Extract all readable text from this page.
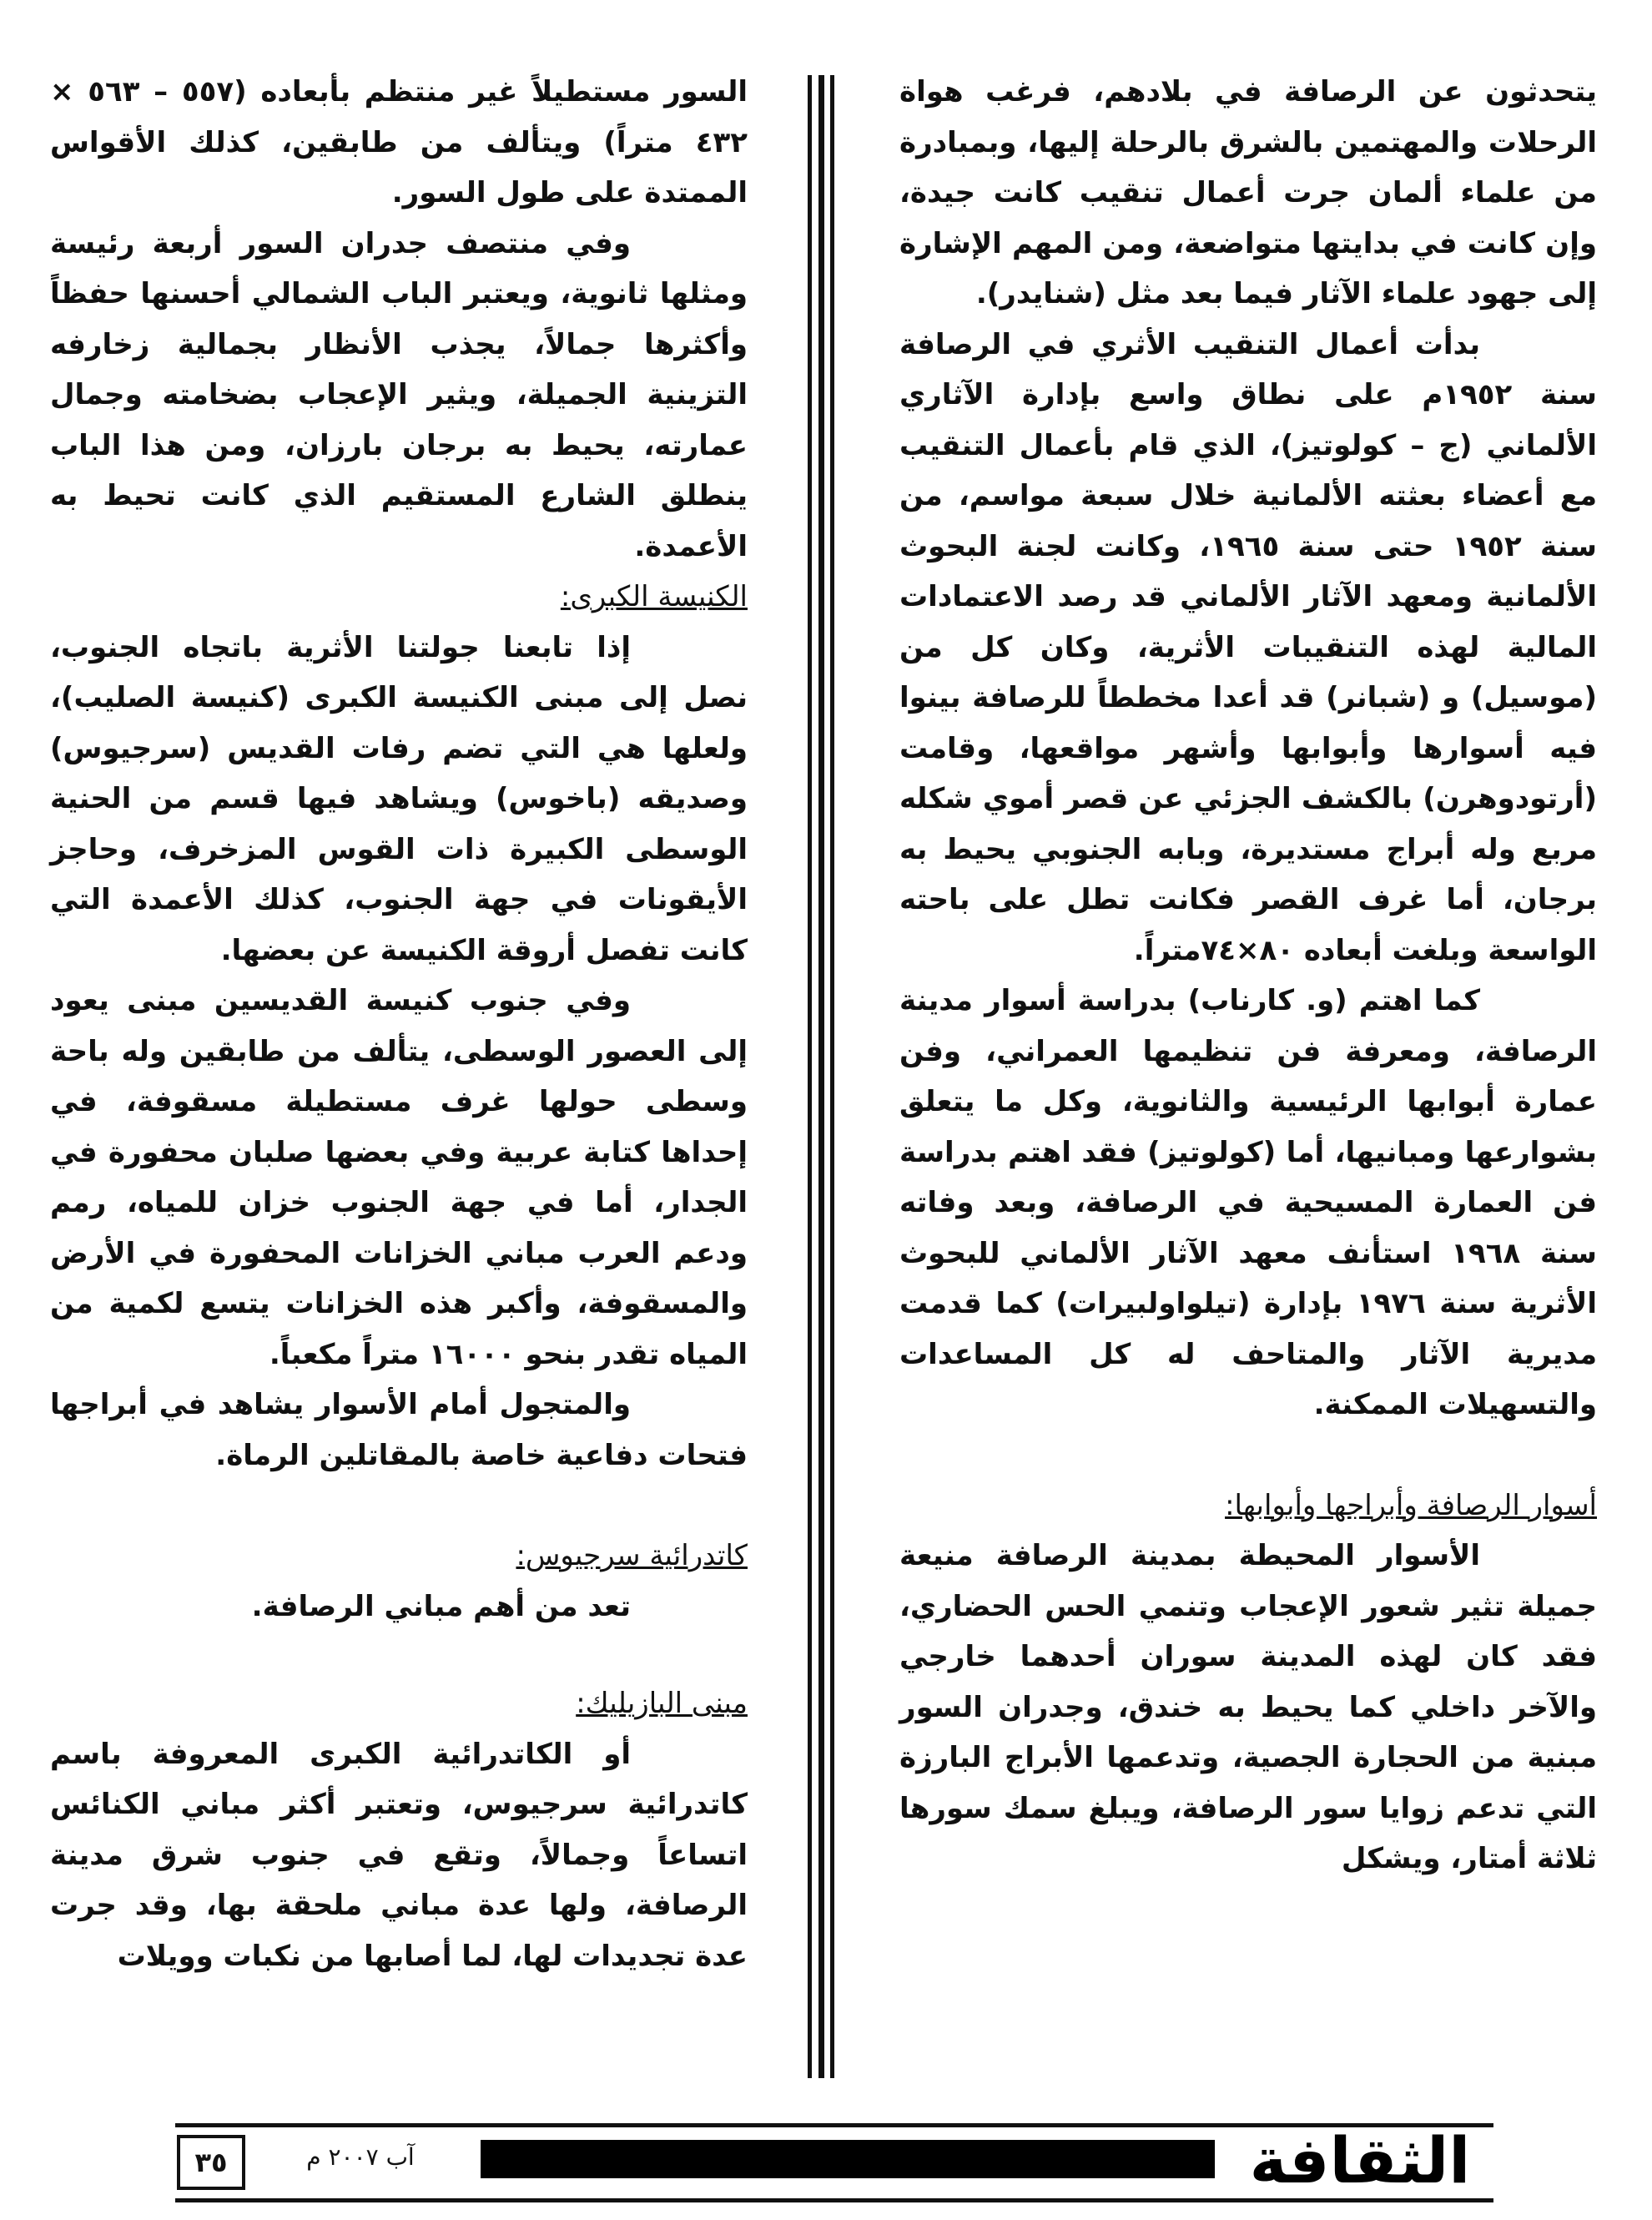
يتحدثون عن الرصافة في بلادهم، فرغب هواة الرحلات والمهتمين بالشرق بالرحلة إليها، وبمبادرة من علماء ألمان جرت أعمال تنقيب كانت جيدة، وإن كانت في بدايتها متواضعة، ومن المهم الإشارة إلى جهود علماء الآثار فيما بعد مثل (شنايدر).

بدأت أعمال التنقيب الأثري في الرصافة سنة ١٩٥٢م على نطاق واسع بإدارة الآثاري الألماني (ج – كولوتيز)، الذي قام بأعمال التنقيب مع أعضاء بعثته الألمانية خلال سبعة مواسم، من سنة ١٩٥٢ حتى سنة ١٩٦٥، وكانت لجنة البحوث الألمانية ومعهد الآثار الألماني قد رصد الاعتمادات المالية لهذه التنقيبات الأثرية، وكان كل من (موسيل) و (شبانر) قد أعدا مخططاً للرصافة بينوا فيه أسوارها وأبوابها وأشهر مواقعها، وقامت (أرتودوهرن) بالكشف الجزئي عن قصر أموي شكله مربع وله أبراج مستديرة، وبابه الجنوبي يحيط به برجان، أما غرف القصر فكانت تطل على باحته الواسعة وبلغت أبعاده ٨٠×٧٤متراً.

كما اهتم (و. كارناب) بدراسة أسوار مدينة الرصافة، ومعرفة فن تنظيمها العمراني، وفن عمارة أبوابها الرئيسية والثانوية، وكل ما يتعلق بشوارعها ومبانيها، أما (كولوتيز) فقد اهتم بدراسة فن العمارة المسيحية في الرصافة، وبعد وفاته سنة ١٩٦٨ استأنف معهد الآثار الألماني للبحوث الأثرية سنة ١٩٧٦ بإدارة (تيلواولبيرات) كما قدمت مديرية الآثار والمتاحف له كل المساعدات والتسهيلات الممكنة.

أسوار الرصافة وأبراجها وأبوابها:

الأسوار المحيطة بمدينة الرصافة منيعة جميلة تثير شعور الإعجاب وتنمي الحس الحضاري، فقد كان لهذه المدينة سوران أحدهما خارجي والآخر داخلي كما يحيط به خندق، وجدران السور مبنية من الحجارة الجصية، وتدعمها الأبراج البارزة التي تدعم زوايا سور الرصافة، ويبلغ سمك سورها ثلاثة أمتار، ويشكل

السور مستطيلاً غير منتظم بأبعاده (٥٥٧ – ٥٦٣ × ٤٣٢ متراً) ويتألف من طابقين، كذلك الأقواس الممتدة على طول السور.

وفي منتصف جدران السور أربعة رئيسة ومثلها ثانوية، ويعتبر الباب الشمالي أحسنها حفظاً وأكثرها جمالاً، يجذب الأنظار بجمالية زخارفه التزينية الجميلة، ويثير الإعجاب بضخامته وجمال عمارته، يحيط به برجان بارزان، ومن هذا الباب ينطلق الشارع المستقيم الذي كانت تحيط به الأعمدة.

الكنيسة الكبرى:

إذا تابعنا جولتنا الأثرية باتجاه الجنوب، نصل إلى مبنى الكنيسة الكبرى (كنيسة الصليب)، ولعلها هي التي تضم رفات القديس (سرجيوس) وصديقه (باخوس) ويشاهد فيها قسم من الحنية الوسطى الكبيرة ذات القوس المزخرف، وحاجز الأيقونات في جهة الجنوب، كذلك الأعمدة التي كانت تفصل أروقة الكنيسة عن بعضها.

وفي جنوب كنيسة القديسين مبنى يعود إلى العصور الوسطى، يتألف من طابقين وله باحة وسطى حولها غرف مستطيلة مسقوفة، في إحداها كتابة عربية وفي بعضها صلبان محفورة في الجدار، أما في جهة الجنوب خزان للمياه، رمم ودعم العرب مباني الخزانات المحفورة في الأرض والمسقوفة، وأكبر هذه الخزانات يتسع لكمية من المياه تقدر بنحو ١٦٠٠٠ متراً مكعباً.

والمتجول أمام الأسوار يشاهد في أبراجها فتحات دفاعية خاصة بالمقاتلين الرماة.

كاتدرائية سرجيوس:

تعد من أهم مباني الرصافة.

مبنى البازيليك:

أو الكاتدرائية الكبرى المعروفة باسم كاتدرائية سرجيوس، وتعتبر أكثر مباني الكنائس اتساعاً وجمالاً، وتقع في جنوب شرق مدينة الرصافة، ولها عدة مباني ملحقة بها، وقد جرت عدة تجديدات لها، لما أصابها من نكبات وويلات

٣٥	آب ٢٠٠٧ م	الثقافة
